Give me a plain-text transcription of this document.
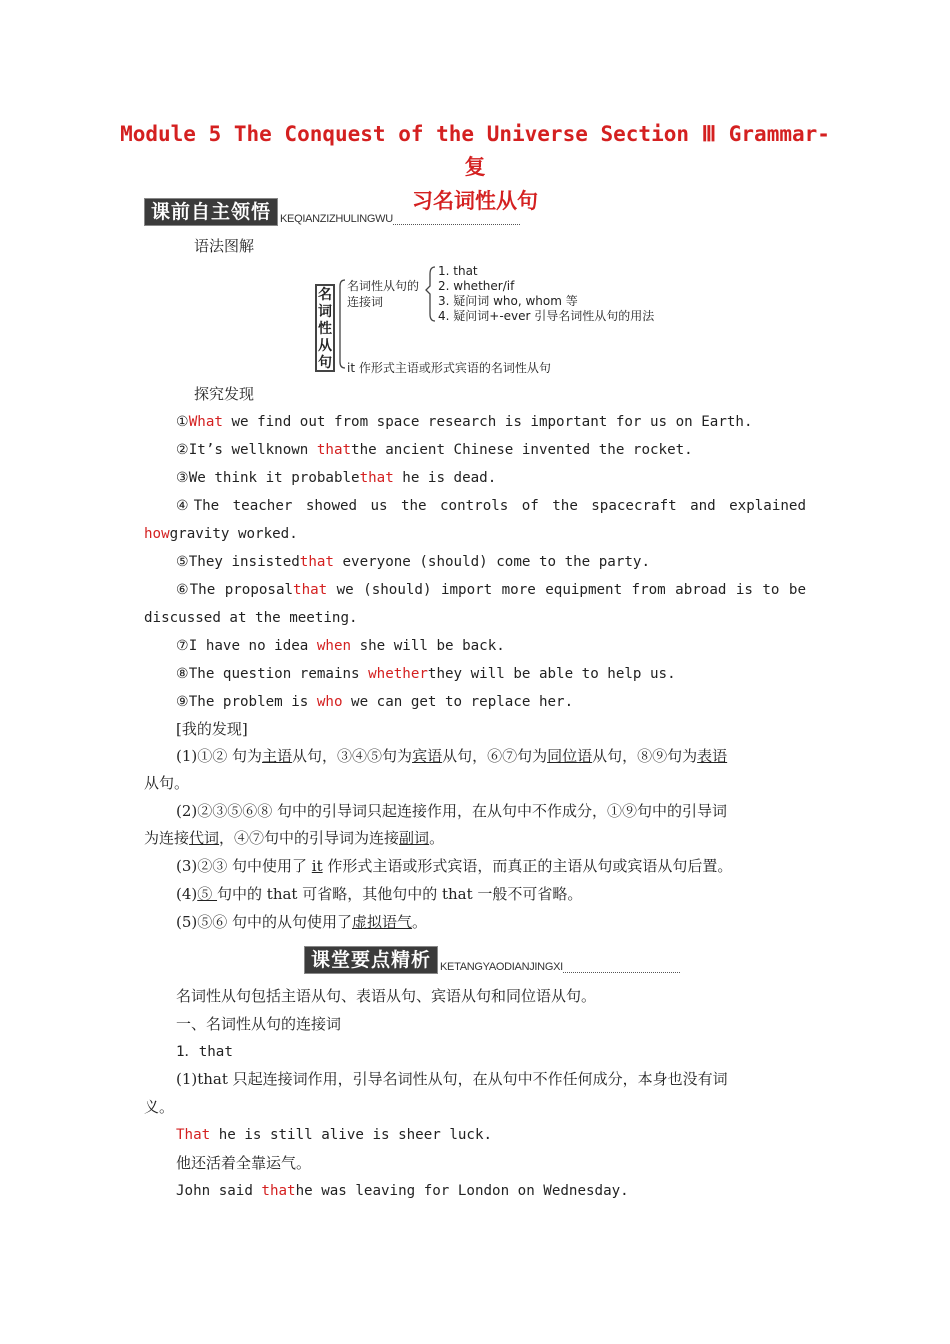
Module 5 The Conquest of the Universe Section Ⅲ Grammar-复
习名词性从句
课前自主领悟 KEQIANZIZHULINGWU
语法图解
名词性从句
名词性从句的
连接词
1. that
2. whether/if
3. 疑问词 who, whom 等
4. 疑问词+-ever 引导名词性从句的用法
it 作形式主语或形式宾语的名词性从句
探究发现
①What we find out from space research is important for us on Earth.
②It’s wellknown thatthe ancient Chinese invented the rocket.
③We think it probablethat he is dead.
④The teacher showed us the controls of the spacecraft and explained
howgravity worked.
⑤They insistedthat everyone (should) come to the party.
⑥The proposalthat we (should) import more equipment from abroad is to be
discussed at the meeting.
⑦I have no idea when she will be back.
⑧The question remains whetherthey will be able to help us.
⑨The problem is who we can get to replace her.
[我的发现]
(1)①② 句为主语从句，③④⑤句为宾语从句，⑥⑦句为同位语从句，⑧⑨句为表语
从句。
(2)②③⑤⑥⑧ 句中的引导词只起连接作用，在从句中不作成分，①⑨句中的引导词
为连接代词，④⑦句中的引导词为连接副词。
(3)②③ 句中使用了 it 作形式主语或形式宾语，而真正的主语从句或宾语从句后置。
(4)⑤ 句中的 that 可省略，其他句中的 that 一般不可省略。
(5)⑤⑥ 句中的从句使用了虚拟语气。
课堂要点精析 KETANGYAODIANJINGXI
名词性从句包括主语从句、表语从句、宾语从句和同位语从句。
一、名词性从句的连接词
1．that
(1)that 只起连接词作用，引导名词性从句，在从句中不作任何成分，本身也没有词
义。
That he is still alive is sheer luck.
他还活着全靠运气。
John said thathe was leaving for London on Wednesday.
